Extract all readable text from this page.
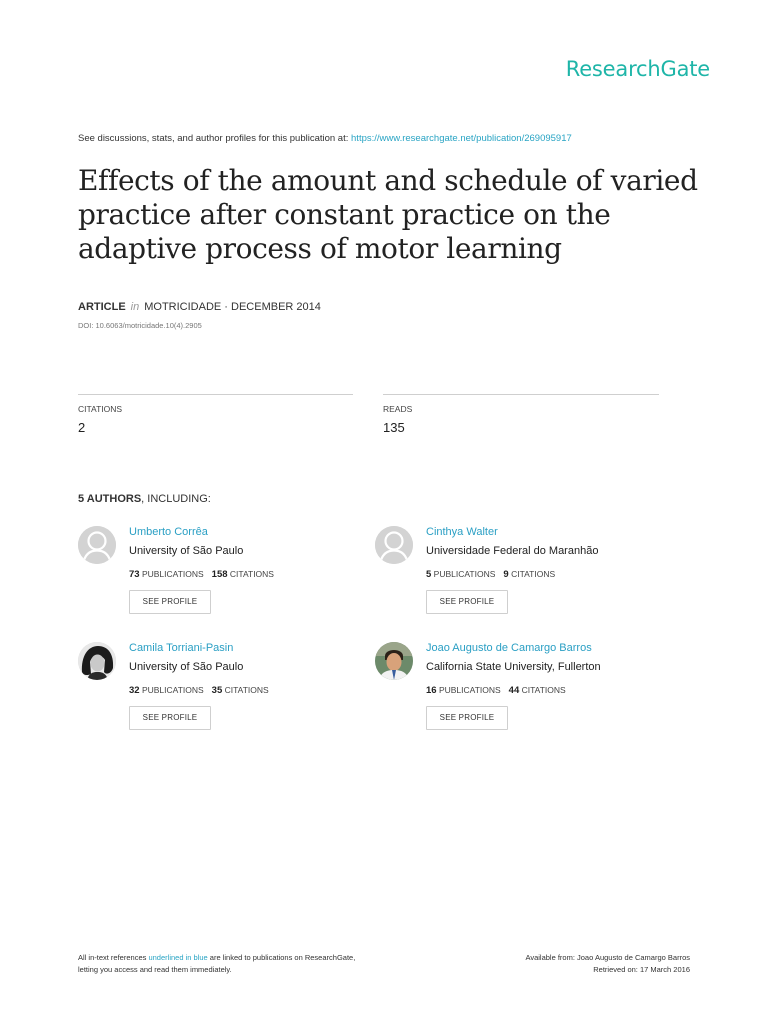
ResearchGate
See discussions, stats, and author profiles for this publication at: https://www.researchgate.net/publication/269095917
Effects of the amount and schedule of varied practice after constant practice on the adaptive process of motor learning
ARTICLE in MOTRICIDADE · DECEMBER 2014
DOI: 10.6063/motricidade.10(4).2905
CITATIONS
2
READS
135
5 AUTHORS, INCLUDING:
Umberto Corrêa
University of São Paulo
73 PUBLICATIONS 158 CITATIONS
SEE PROFILE
Cinthya Walter
Universidade Federal do Maranhão
5 PUBLICATIONS 9 CITATIONS
SEE PROFILE
Camila Torriani-Pasin
University of São Paulo
32 PUBLICATIONS 35 CITATIONS
SEE PROFILE
Joao Augusto de Camargo Barros
California State University, Fullerton
16 PUBLICATIONS 44 CITATIONS
SEE PROFILE
All in-text references underlined in blue are linked to publications on ResearchGate,
letting you access and read them immediately.
Available from: Joao Augusto de Camargo Barros
Retrieved on: 17 March 2016
